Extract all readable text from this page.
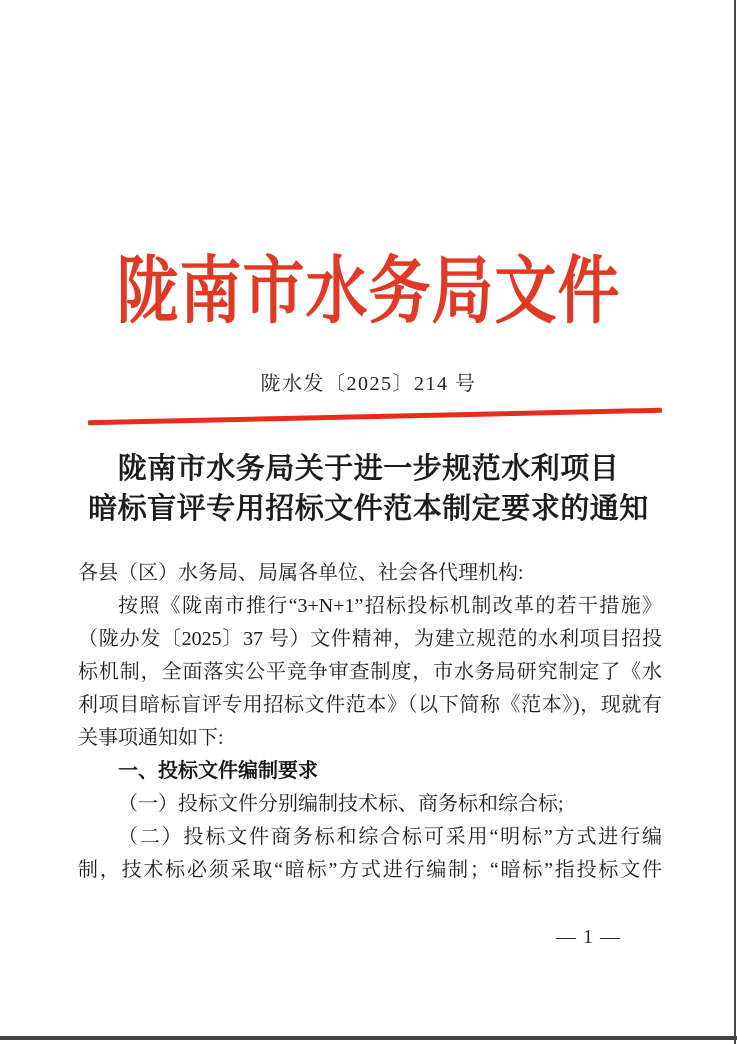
陇南市水务局文件
陇水发〔2025〕214 号
陇南市水务局关于进一步规范水利项目
暗标盲评专用招标文件范本制定要求的通知
各县（区）水务局、局属各单位、社会各代理机构:
按照《陇南市推行“3+N+1”招标投标机制改革的若干措施》
（陇办发〔2025〕37 号）文件精神，为建立规范的水利项目招投
标机制，全面落实公平竞争审查制度，市水务局研究制定了《水
利项目暗标盲评专用招标文件范本》（以下简称《范本》)，现就有
关事项通知如下:
一、投标文件编制要求
（一）投标文件分别编制技术标、商务标和综合标;
（二）投标文件商务标和综合标可采用“明标”方式进行编
制，技术标必须采取“暗标”方式进行编制；“暗标”指投标文件
— 1 —
